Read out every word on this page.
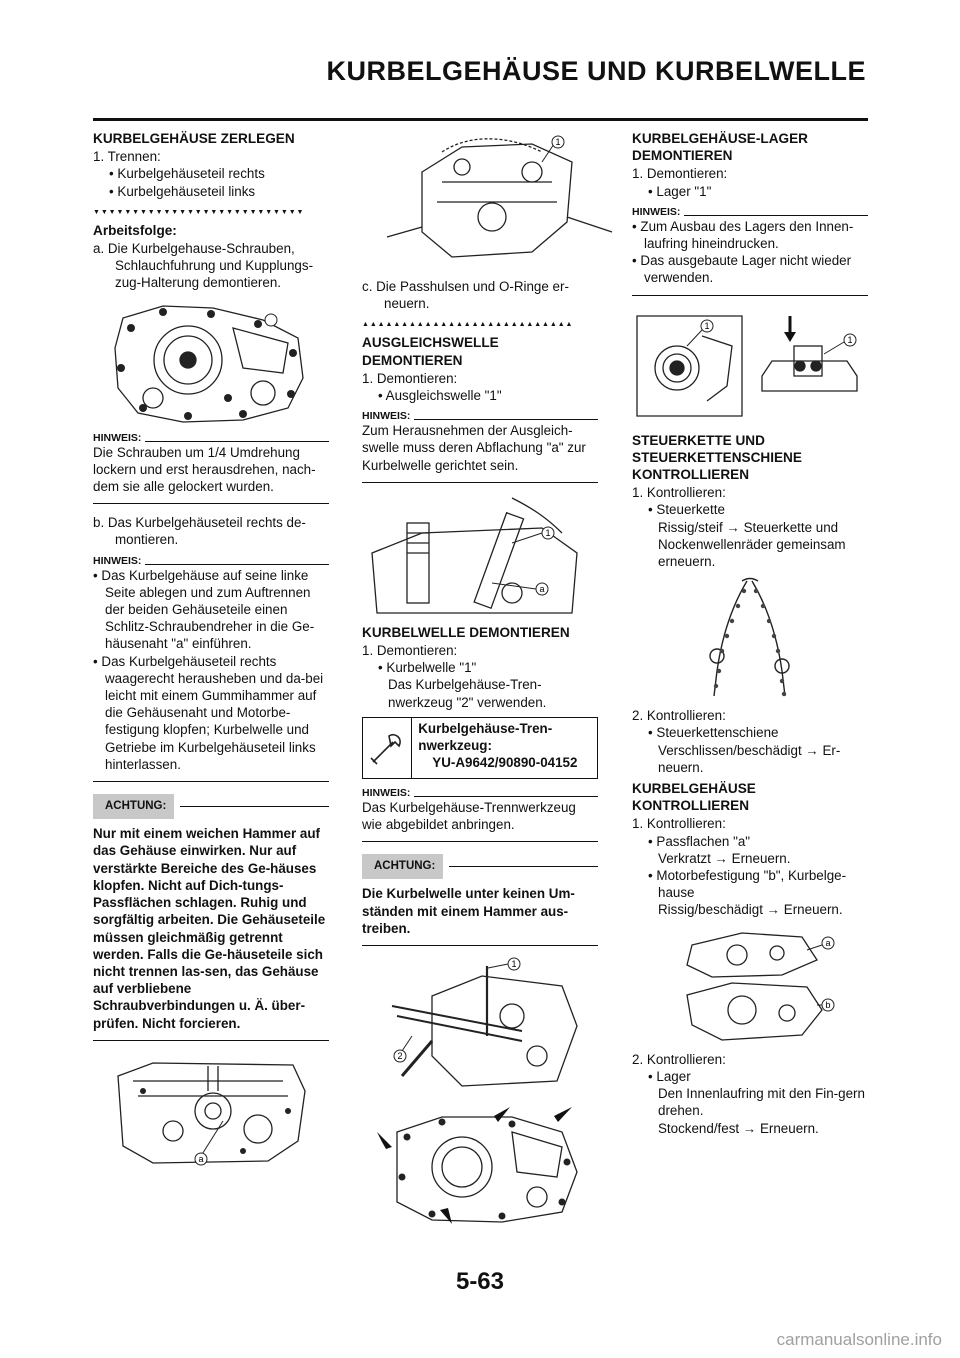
KURBELGEHÄUSE UND KURBELWELLE

KURBELGEHÄUSE ZERLEGEN

1. Trennen:

• Kurbelgehäuseteil rechts

• Kurbelgehäuseteil links

▼▼▼▼▼▼▼▼▼▼▼▼▼▼▼▼▼▼▼▼▼▼▼▼▼▼▼

Arbeitsfolge:

a. Die Kurbelgehause-Schrauben, Schlauchfuhrung und Kupplungs-zug-Halterung demontieren.

HINWEIS:

Die Schrauben um 1/4 Umdrehung lockern und erst herausdrehen, nach-dem sie alle gelockert wurden.

b. Das Kurbelgehäuseteil rechts de-montieren.

HINWEIS:

• Das Kurbelgehäuse auf seine linke Seite ablegen und zum Auftrennen der beiden Gehäuseteile einen Schlitz-Schraubendreher in die Ge-häusenaht "a" einführen.

• Das Kurbelgehäuseteil rechts waagerecht herausheben und da-bei leicht mit einem Gummihammer auf die Gehäusenaht und Motorbe-festigung klopfen; Kurbelwelle und Getriebe im Kurbelgehäuseteil links hinterlassen.

ACHTUNG:

Nur mit einem weichen Hammer auf das Gehäuse einwirken. Nur auf verstärkte Bereiche des Ge-häuses klopfen. Nicht auf Dich-tungs-Passflächen schlagen. Ruhig und sorgfältig arbeiten. Die Gehäuseteile müssen gleichmäßig getrennt werden. Falls die Ge-häuseteile sich nicht trennen las-sen, das Gehäuse auf verbliebene Schraubverbindungen u. Ä. über-prüfen. Nicht forcieren.

a
1

c. Die Passhulsen und O-Ringe er-neuern.

▲▲▲▲▲▲▲▲▲▲▲▲▲▲▲▲▲▲▲▲▲▲▲▲▲▲▲

AUSGLEICHSWELLE DEMONTIEREN

1. Demontieren:

• Ausgleichswelle "1"

HINWEIS:

Zum Herausnehmen der Ausgleich-swelle muss deren Abflachung "a" zur Kurbelwelle gerichtet sein.

1
a

KURBELWELLE DEMONTIEREN

1. Demontieren:

• Kurbelwelle "1"

Das Kurbelgehäuse-Tren-nwerkzeug "2" verwenden.

Kurbelgehäuse-Tren-nwerkzeug:
YU-A9642/90890-04152
HINWEIS:

Das Kurbelgehäuse-Trennwerkzeug wie abgebildet anbringen.

ACHTUNG:

Die Kurbelwelle unter keinen Um-ständen mit einem Hammer aus-treiben.

1
2

KURBELGEHÄUSE-LAGER DEMONTIEREN

1. Demontieren:

• Lager "1"

HINWEIS:

• Zum Ausbau des Lagers den Innen-laufring hineindrucken.

• Das ausgebaute Lager nicht wieder verwenden.

1
1

STEUERKETTE UND STEUERKETTENSCHIENE KONTROLLIEREN

1. Kontrollieren:

• Steuerkette

Rissig/steif → Steuerkette und Nockenwellenräder gemeinsam erneuern.

2. Kontrollieren:

• Steuerkettenschiene

Verschlissen/beschädigt → Er-neuern.

KURBELGEHÄUSE KONTROLLIEREN

1. Kontrollieren:

• Passflachen "a"

Verkratzt → Erneuern.

• Motorbefestigung "b", Kurbelge-hause

Rissig/beschädigt → Erneuern.

a
b

2. Kontrollieren:

• Lager

Den Innenlaufring mit den Fin-gern drehen.

Stockend/fest → Erneuern.

5-63

carmanualsonline.info
